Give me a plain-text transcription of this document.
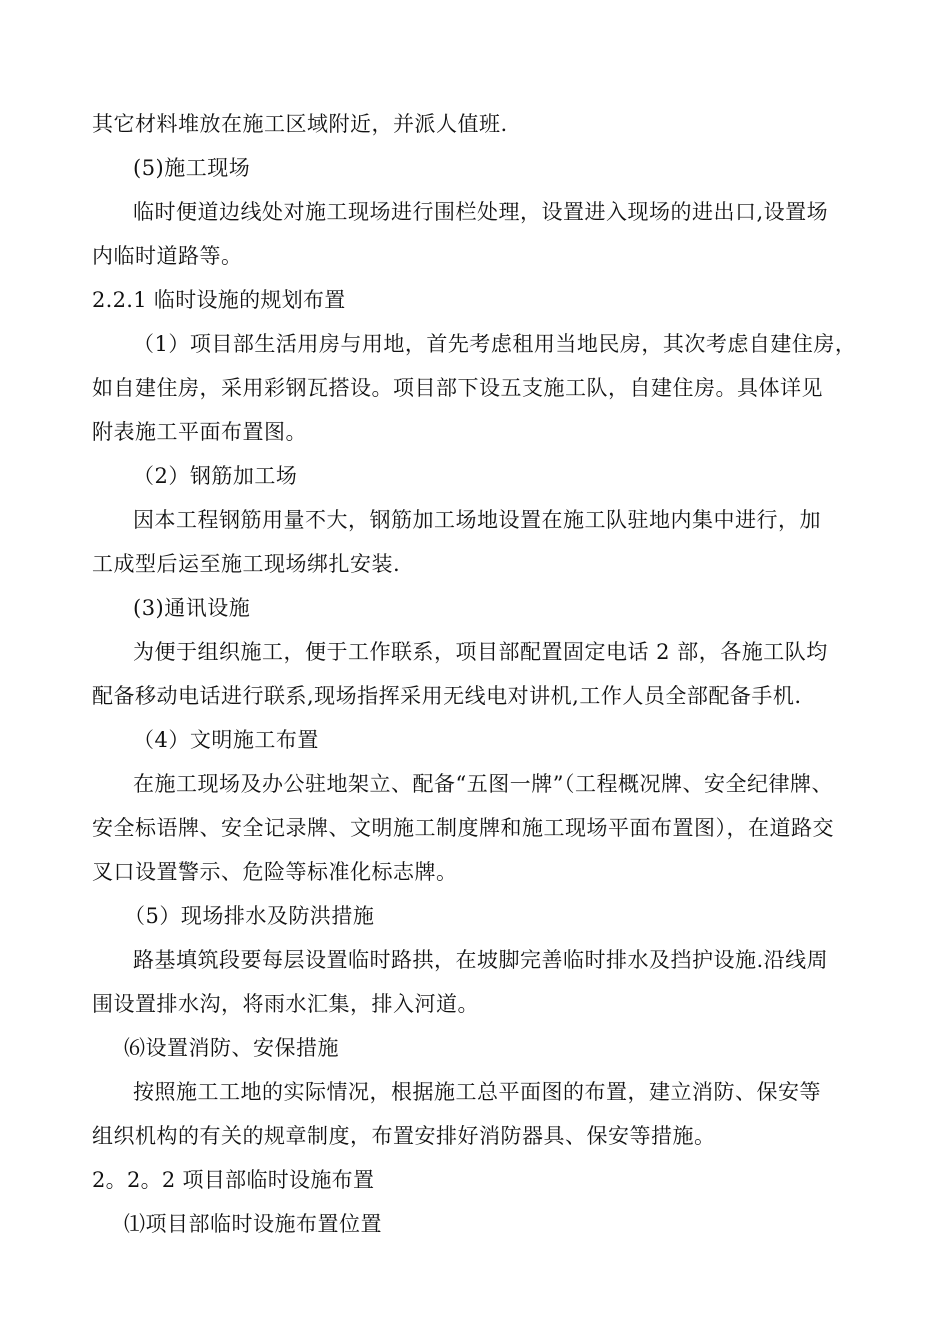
其它材料堆放在施工区域附近，并派人值班.
(5)施工现场
临时便道边线处对施工现场进行围栏处理，设置进入现场的进出口,设置场
内临时道路等。
2.2.1 临时设施的规划布置
（1）项目部生活用房与用地，首先考虑租用当地民房，其次考虑自建住房，
如自建住房，采用彩钢瓦搭设。项目部下设五支施工队，自建住房。具体详见
附表施工平面布置图。
（2）钢筋加工场
因本工程钢筋用量不大，钢筋加工场地设置在施工队驻地内集中进行，加
工成型后运至施工现场绑扎安装.
(3)通讯设施
为便于组织施工，便于工作联系，项目部配置固定电话 2 部，各施工队均
配备移动电话进行联系,现场指挥采用无线电对讲机,工作人员全部配备手机.
（4）文明施工布置
在施工现场及办公驻地架立、配备“五图一牌”（工程概况牌、安全纪律牌、
安全标语牌、安全记录牌、文明施工制度牌和施工现场平面布置图），在道路交
叉口设置警示、危险等标准化标志牌。
（5）现场排水及防洪措施
路基填筑段要每层设置临时路拱，在坡脚完善临时排水及挡护设施.沿线周
围设置排水沟，将雨水汇集，排入河道。
⑹设置消防、安保措施
按照施工工地的实际情况，根据施工总平面图的布置，建立消防、保安等
组织机构的有关的规章制度，布置安排好消防器具、保安等措施。
2。2。2 项目部临时设施布置
⑴项目部临时设施布置位置
